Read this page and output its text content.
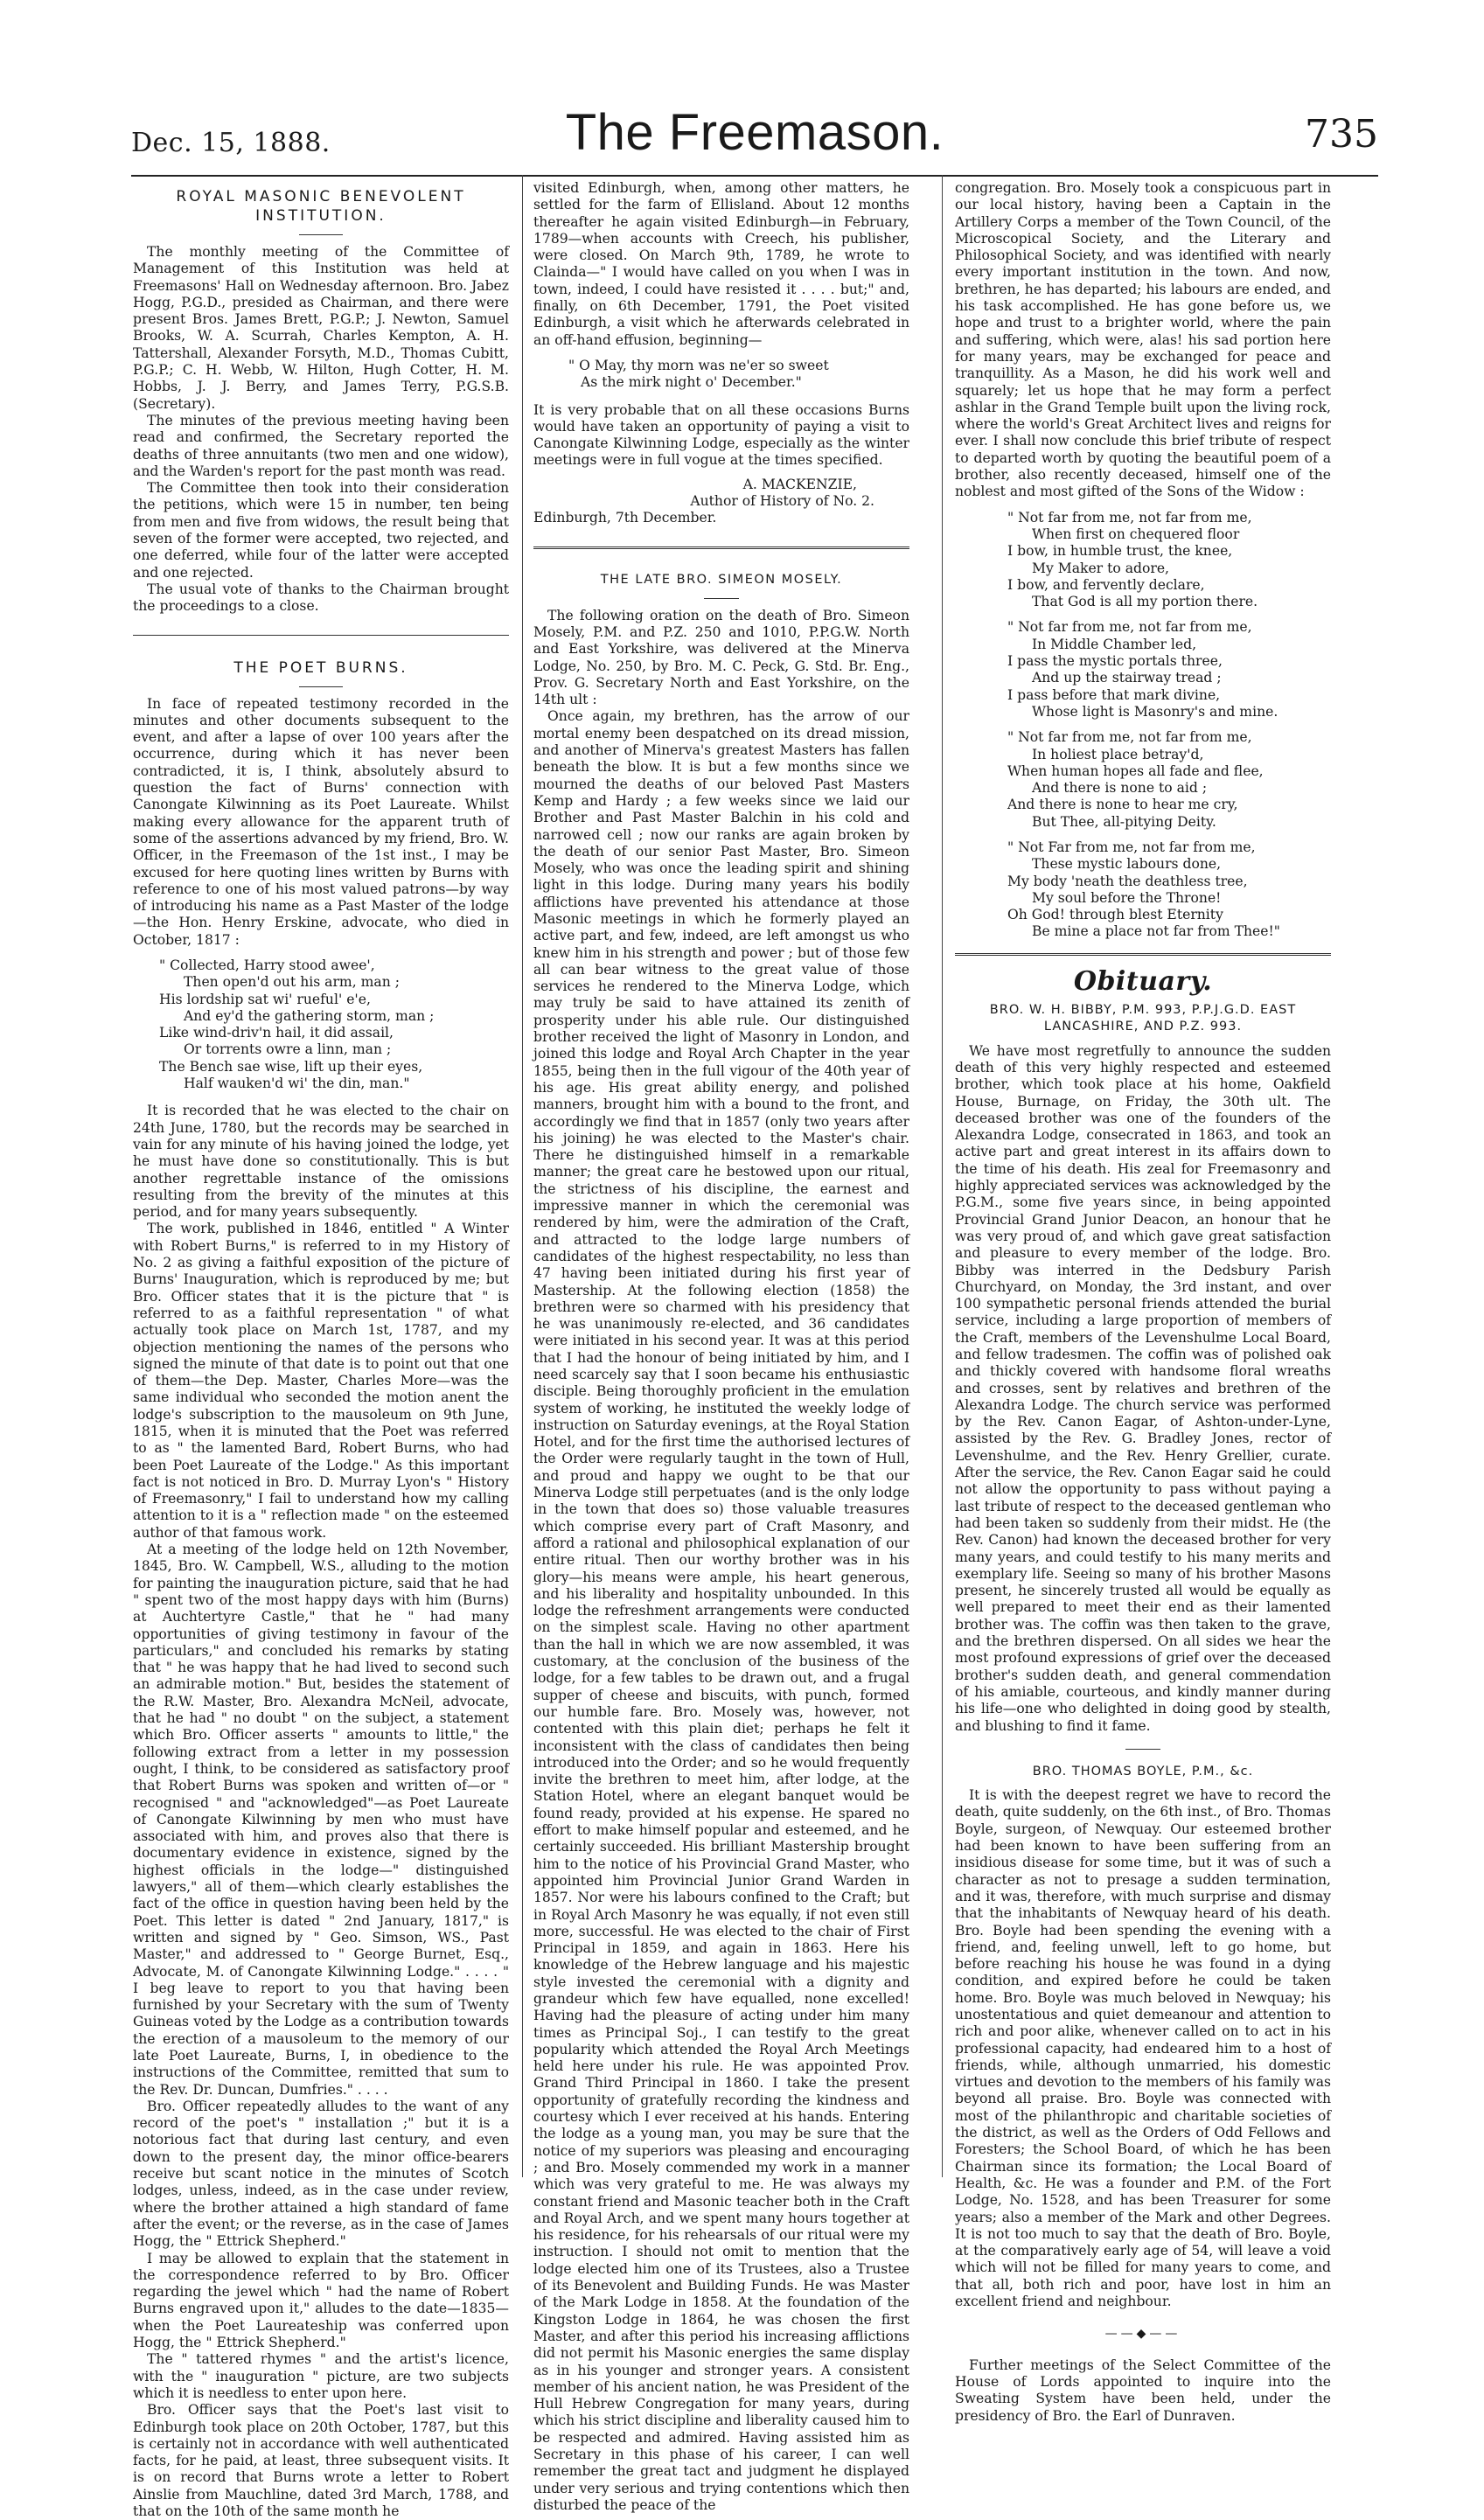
Dec. 15, 1888.	The Freemason.	735
ROYAL MASONIC BENEVOLENT INSTITUTION.

The monthly meeting of the Committee of Management of this Institution was held at Freemasons' Hall on Wednesday afternoon. Bro. Jabez Hogg, P.G.D., presided as Chairman, and there were present Bros. James Brett, P.G.P.; J. Newton, Samuel Brooks, W. A. Scurrah, Charles Kempton, A. H. Tattershall, Alexander Forsyth, M.D., Thomas Cubitt, P.G.P.; C. H. Webb, W. Hilton, Hugh Cotter, H. M. Hobbs, J. J. Berry, and James Terry, P.G.S.B. (Secretary).

The minutes of the previous meeting having been read and confirmed, the Secretary reported the deaths of three annuitants (two men and one widow), and the Warden's report for the past month was read.

The Committee then took into their consideration the petitions, which were 15 in number, ten being from men and five from widows, the result being that seven of the former were accepted, two rejected, and one deferred, while four of the latter were accepted and one rejected.

The usual vote of thanks to the Chairman brought the proceedings to a close.

THE POET BURNS.

In face of repeated testimony recorded in the minutes and other documents subsequent to the event, and after a lapse of over 100 years after the occurrence, during which it has never been contradicted, it is, I think, absolutely absurd to question the fact of Burns' connection with Canongate Kilwinning as its Poet Laureate. Whilst making every allowance for the apparent truth of some of the assertions advanced by my friend, Bro. W. Officer, in the Freemason of the 1st inst., I may be excused for here quoting lines written by Burns with reference to one of his most valued patrons—by way of introducing his name as a Past Master of the lodge—the Hon. Henry Erskine, advocate, who died in October, 1817 :

" Collected, Harry stood awee',
Then open'd out his arm, man ;
His lordship sat wi' rueful' e'e,
And ey'd the gathering storm, man ;
Like wind-driv'n hail, it did assail,
Or torrents owre a linn, man ;
The Bench sae wise, lift up their eyes,
Half wauken'd wi' the din, man."

It is recorded that he was elected to the chair on 24th June, 1780, but the records may be searched in vain for any minute of his having joined the lodge, yet he must have done so constitutionally. This is but another regrettable instance of the omissions resulting from the brevity of the minutes at this period, and for many years subsequently.

The work, published in 1846, entitled " A Winter with Robert Burns," is referred to in my History of No. 2 as giving a faithful exposition of the picture of Burns' Inauguration, which is reproduced by me; but Bro. Officer states that it is the picture that " is referred to as a faithful representation " of what actually took place on March 1st, 1787, and my objection mentioning the names of the persons who signed the minute of that date is to point out that one of them—the Dep. Master, Charles More—was the same individual who seconded the motion anent the lodge's subscription to the mausoleum on 9th June, 1815, when it is minuted that the Poet was referred to as " the lamented Bard, Robert Burns, who had been Poet Laureate of the Lodge." As this important fact is not noticed in Bro. D. Murray Lyon's " History of Freemasonry," I fail to understand how my calling attention to it is a " reflection made " on the esteemed author of that famous work.

At a meeting of the lodge held on 12th November, 1845, Bro. W. Campbell, W.S., alluding to the motion for painting the inauguration picture, said that he had " spent two of the most happy days with him (Burns) at Auchtertyre Castle," that he " had many opportunities of giving testimony in favour of the particulars," and concluded his remarks by stating that " he was happy that he had lived to second such an admirable motion." But, besides the statement of the R.W. Master, Bro. Alexandra McNeil, advocate, that he had " no doubt " on the subject, a statement which Bro. Officer asserts " amounts to little," the following extract from a letter in my possession ought, I think, to be considered as satisfactory proof that Robert Burns was spoken and written of—or " recognised " and "acknowledged"—as Poet Laureate of Canongate Kilwinning by men who must have associated with him, and proves also that there is documentary evidence in existence, signed by the highest officials in the lodge—" distinguished lawyers," all of them—which clearly establishes the fact of the office in question having been held by the Poet. This letter is dated " 2nd January, 1817," is written and signed by " Geo. Simson, WS., Past Master," and addressed to " George Burnet, Esq., Advocate, M. of Canongate Kilwinning Lodge." . . . . " I beg leave to report to you that having been furnished by your Secretary with the sum of Twenty Guineas voted by the Lodge as a contribution towards the erection of a mausoleum to the memory of our late Poet Laureate, Burns, I, in obedience to the instructions of the Committee, remitted that sum to the Rev. Dr. Duncan, Dumfries." . . . .

Bro. Officer repeatedly alludes to the want of any record of the poet's " installation ;" but it is a notorious fact that during last century, and even down to the present day, the minor office-bearers receive but scant notice in the minutes of Scotch lodges, unless, indeed, as in the case under review, where the brother attained a high standard of fame after the event; or the reverse, as in the case of James Hogg, the " Ettrick Shepherd."

I may be allowed to explain that the statement in the correspondence referred to by Bro. Officer regarding the jewel which " had the name of Robert Burns engraved upon it," alludes to the date—1835—when the Poet Laureateship was conferred upon Hogg, the " Ettrick Shepherd."

The " tattered rhymes " and the artist's licence, with the " inauguration " picture, are two subjects which it is needless to enter upon here.

Bro. Officer says that the Poet's last visit to Edinburgh took place on 20th October, 1787, but this is certainly not in accordance with well authenticated facts, for he paid, at least, three subsequent visits. It is on record that Burns wrote a letter to Robert Ainslie from Mauchline, dated 3rd March, 1788, and that on the 10th of the same month he

visited Edinburgh, when, among other matters, he settled for the farm of Ellisland. About 12 months thereafter he again visited Edinburgh—in February, 1789—when accounts with Creech, his publisher, were closed. On March 9th, 1789, he wrote to Clainda—" I would have called on you when I was in town, indeed, I could have resisted it . . . . but;" and, finally, on 6th December, 1791, the Poet visited Edinburgh, a visit which he afterwards celebrated in an off-hand effusion, beginning—

" O May, thy morn was ne'er so sweet
As the mirk night o' December."

It is very probable that on all these occasions Burns would have taken an opportunity of paying a visit to Canongate Kilwinning Lodge, especially as the winter meetings were in full vogue at the times specified.

A. MACKENZIE,
Author of History of No. 2.
Edinburgh, 7th December.
THE LATE BRO. SIMEON MOSELY.

The following oration on the death of Bro. Simeon Mosely, P.M. and P.Z. 250 and 1010, P.P.G.W. North and East Yorkshire, was delivered at the Minerva Lodge, No. 250, by Bro. M. C. Peck, G. Std. Br. Eng., Prov. G. Secretary North and East Yorkshire, on the 14th ult :

Once again, my brethren, has the arrow of our mortal enemy been despatched on its dread mission, and another of Minerva's greatest Masters has fallen beneath the blow. It is but a few months since we mourned the deaths of our beloved Past Masters Kemp and Hardy ; a few weeks since we laid our Brother and Past Master Balchin in his cold and narrowed cell ; now our ranks are again broken by the death of our senior Past Master, Bro. Simeon Mosely, who was once the leading spirit and shining light in this lodge. During many years his bodily afflictions have prevented his attendance at those Masonic meetings in which he formerly played an active part, and few, indeed, are left amongst us who knew him in his strength and power ; but of those few all can bear witness to the great value of those services he rendered to the Minerva Lodge, which may truly be said to have attained its zenith of prosperity under his able rule. Our distinguished brother received the light of Masonry in London, and joined this lodge and Royal Arch Chapter in the year 1855, being then in the full vigour of the 40th year of his age. His great ability energy, and polished manners, brought him with a bound to the front, and accordingly we find that in 1857 (only two years after his joining) he was elected to the Master's chair. There he distinguished himself in a remarkable manner; the great care he bestowed upon our ritual, the strictness of his discipline, the earnest and impressive manner in which the ceremonial was rendered by him, were the admiration of the Craft, and attracted to the lodge large numbers of candidates of the highest respectability, no less than 47 having been initiated during his first year of Mastership. At the following election (1858) the brethren were so charmed with his presidency that he was unanimously re-elected, and 36 candidates were initiated in his second year. It was at this period that I had the honour of being initiated by him, and I need scarcely say that I soon became his enthusiastic disciple. Being thoroughly proficient in the emulation system of working, he instituted the weekly lodge of instruction on Saturday evenings, at the Royal Station Hotel, and for the first time the authorised lectures of the Order were regularly taught in the town of Hull, and proud and happy we ought to be that our Minerva Lodge still perpetuates (and is the only lodge in the town that does so) those valuable treasures which comprise every part of Craft Masonry, and afford a rational and philosophical explanation of our entire ritual. Then our worthy brother was in his glory—his means were ample, his heart generous, and his liberality and hospitality unbounded. In this lodge the refreshment arrangements were conducted on the simplest scale. Having no other apartment than the hall in which we are now assembled, it was customary, at the conclusion of the business of the lodge, for a few tables to be drawn out, and a frugal supper of cheese and biscuits, with punch, formed our humble fare. Bro. Mosely was, however, not contented with this plain diet; perhaps he felt it inconsistent with the class of candidates then being introduced into the Order; and so he would frequently invite the brethren to meet him, after lodge, at the Station Hotel, where an elegant banquet would be found ready, provided at his expense. He spared no effort to make himself popular and esteemed, and he certainly succeeded. His brilliant Mastership brought him to the notice of his Provincial Grand Master, who appointed him Provincial Junior Grand Warden in 1857. Nor were his labours confined to the Craft; but in Royal Arch Masonry he was equally, if not even still more, successful. He was elected to the chair of First Principal in 1859, and again in 1863. Here his knowledge of the Hebrew language and his majestic style invested the ceremonial with a dignity and grandeur which few have equalled, none excelled! Having had the pleasure of acting under him many times as Principal Soj., I can testify to the great popularity which attended the Royal Arch Meetings held here under his rule. He was appointed Prov. Grand Third Principal in 1860. I take the present opportunity of gratefully recording the kindness and courtesy which I ever received at his hands. Entering the lodge as a young man, you may be sure that the notice of my superiors was pleasing and encouraging ; and Bro. Mosely commended my work in a manner which was very grateful to me. He was always my constant friend and Masonic teacher both in the Craft and Royal Arch, and we spent many hours together at his residence, for his rehearsals of our ritual were my instruction. I should not omit to mention that the lodge elected him one of its Trustees, also a Trustee of its Benevolent and Building Funds. He was Master of the Mark Lodge in 1858. At the foundation of the Kingston Lodge in 1864, he was chosen the first Master, and after this period his increasing afflictions did not permit his Masonic energies the same display as in his younger and stronger years. A consistent member of his ancient nation, he was President of the Hull Hebrew Congregation for many years, during which his strict discipline and liberality caused him to be respected and admired. Having assisted him as Secretary in this phase of his career, I can well remember the great tact and judgment he displayed under very serious and trying contentions which then disturbed the peace of the

congregation. Bro. Mosely took a conspicuous part in our local history, having been a Captain in the Artillery Corps a member of the Town Council, of the Microscopical Society, and the Literary and Philosophical Society, and was identified with nearly every important institution in the town. And now, brethren, he has departed; his labours are ended, and his task accomplished. He has gone before us, we hope and trust to a brighter world, where the pain and suffering, which were, alas! his sad portion here for many years, may be exchanged for peace and tranquillity. As a Mason, he did his work well and squarely; let us hope that he may form a perfect ashlar in the Grand Temple built upon the living rock, where the world's Great Architect lives and reigns for ever. I shall now conclude this brief tribute of respect to departed worth by quoting the beautiful poem of a brother, also recently deceased, himself one of the noblest and most gifted of the Sons of the Widow :

" Not far from me, not far from me,
When first on chequered floor
I bow, in humble trust, the knee,
My Maker to adore,
I bow, and fervently declare,
That God is all my portion there.
" Not far from me, not far from me,
In Middle Chamber led,
I pass the mystic portals three,
And up the stairway tread ;
I pass before that mark divine,
Whose light is Masonry's and mine.
" Not far from me, not far from me,
In holiest place betray'd,
When human hopes all fade and flee,
And there is none to aid ;
And there is none to hear me cry,
But Thee, all-pitying Deity.
" Not Far from me, not far from me,
These mystic labours done,
My body 'neath the deathless tree,
My soul before the Throne!
Oh God! through blest Eternity
Be mine a place not far from Thee!"
Obituary.
BRO. W. H. BIBBY, P.M. 993, P.P.J.G.D. EAST LANCASHIRE, AND P.Z. 993.

We have most regretfully to announce the sudden death of this very highly respected and esteemed brother, which took place at his home, Oakfield House, Burnage, on Friday, the 30th ult. The deceased brother was one of the founders of the Alexandra Lodge, consecrated in 1863, and took an active part and great interest in its affairs down to the time of his death. His zeal for Freemasonry and highly appreciated services was acknowledged by the P.G.M., some five years since, in being appointed Provincial Grand Junior Deacon, an honour that he was very proud of, and which gave great satisfaction and pleasure to every member of the lodge. Bro. Bibby was interred in the Dedsbury Parish Churchyard, on Monday, the 3rd instant, and over 100 sympathetic personal friends attended the burial service, including a large proportion of members of the Craft, members of the Levenshulme Local Board, and fellow tradesmen. The coffin was of polished oak and thickly covered with handsome floral wreaths and crosses, sent by relatives and brethren of the Alexandra Lodge. The church service was performed by the Rev. Canon Eagar, of Ashton-under-Lyne, assisted by the Rev. G. Bradley Jones, rector of Levenshulme, and the Rev. Henry Grellier, curate. After the service, the Rev. Canon Eagar said he could not allow the opportunity to pass without paying a last tribute of respect to the deceased gentleman who had been taken so suddenly from their midst. He (the Rev. Canon) had known the deceased brother for very many years, and could testify to his many merits and exemplary life. Seeing so many of his brother Masons present, he sincerely trusted all would be equally as well prepared to meet their end as their lamented brother was. The coffin was then taken to the grave, and the brethren dispersed. On all sides we hear the most profound expressions of grief over the deceased brother's sudden death, and general commendation of his amiable, courteous, and kindly manner during his life—one who delighted in doing good by stealth, and blushing to find it fame.

BRO. THOMAS BOYLE, P.M., &c.

It is with the deepest regret we have to record the death, quite suddenly, on the 6th inst., of Bro. Thomas Boyle, surgeon, of Newquay. Our esteemed brother had been known to have been suffering from an insidious disease for some time, but it was of such a character as not to presage a sudden termination, and it was, therefore, with much surprise and dismay that the inhabitants of Newquay heard of his death. Bro. Boyle had been spending the evening with a friend, and, feeling unwell, left to go home, but before reaching his house he was found in a dying condition, and expired before he could be taken home. Bro. Boyle was much beloved in Newquay; his unostentatious and quiet demeanour and attention to rich and poor alike, whenever called on to act in his professional capacity, had endeared him to a host of friends, while, although unmarried, his domestic virtues and devotion to the members of his family was beyond all praise. Bro. Boyle was connected with most of the philanthropic and charitable societies of the district, as well as the Orders of Odd Fellows and Foresters; the School Board, of which he has been Chairman since its formation; the Local Board of Health, &c. He was a founder and P.M. of the Fort Lodge, No. 1528, and has been Treasurer for some years; also a member of the Mark and other Degrees. It is not too much to say that the death of Bro. Boyle, at the comparatively early age of 54, will leave a void which will not be filled for many years to come, and that all, both rich and poor, have lost in him an excellent friend and neighbour.

——◆——

Further meetings of the Select Committee of the House of Lords appointed to inquire into the Sweating System have been held, under the presidency of Bro. the Earl of Dunraven.
